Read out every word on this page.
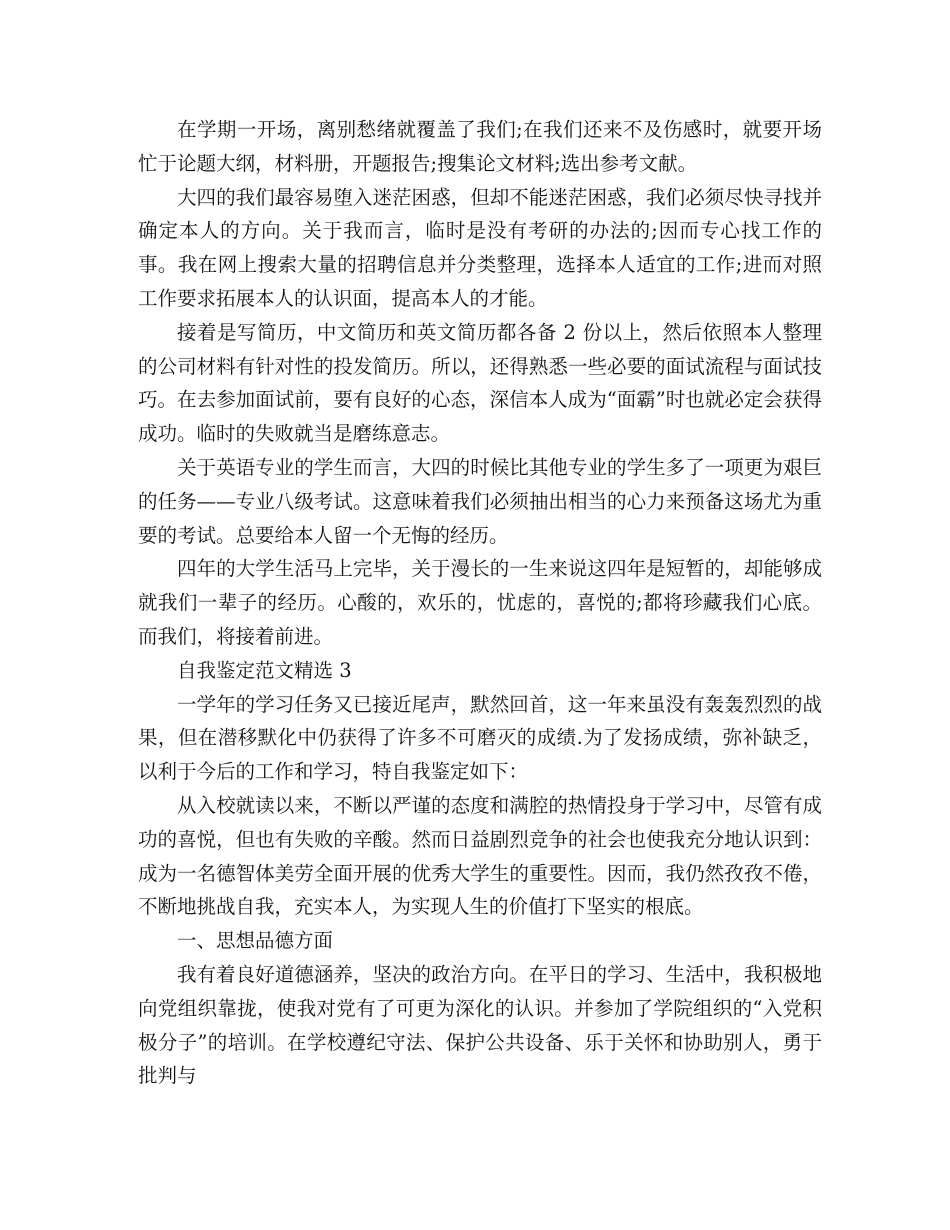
在学期一开场，离别愁绪就覆盖了我们;在我们还来不及伤感时，就要开场忙于论题大纲，材料册，开题报告;搜集论文材料;选出参考文献。

大四的我们最容易堕入迷茫困惑，但却不能迷茫困惑，我们必须尽快寻找并确定本人的方向。关于我而言，临时是没有考研的办法的;因而专心找工作的事。我在网上搜索大量的招聘信息并分类整理，选择本人适宜的工作;进而对照工作要求拓展本人的认识面，提高本人的才能。

接着是写简历，中文简历和英文简历都各备 2 份以上，然后依照本人整理的公司材料有针对性的投发简历。所以，还得熟悉一些必要的面试流程与面试技巧。在去参加面试前，要有良好的心态，深信本人成为“面霸”时也就必定会获得成功。临时的失败就当是磨练意志。

关于英语专业的学生而言，大四的时候比其他专业的学生多了一项更为艰巨的任务——专业八级考试。这意味着我们必须抽出相当的心力来预备这场尤为重要的考试。总要给本人留一个无悔的经历。

四年的大学生活马上完毕，关于漫长的一生来说这四年是短暂的，却能够成就我们一辈子的经历。心酸的，欢乐的，忧虑的，喜悦的;都将珍藏我们心底。而我们，将接着前进。

自我鉴定范文精选 3

一学年的学习任务又已接近尾声，默然回首，这一年来虽没有轰轰烈烈的战果，但在潜移默化中仍获得了许多不可磨灭的成绩.为了发扬成绩，弥补缺乏，以利于今后的工作和学习，特自我鉴定如下：

从入校就读以来，不断以严谨的态度和满腔的热情投身于学习中，尽管有成功的喜悦，但也有失败的辛酸。然而日益剧烈竞争的社会也使我充分地认识到：成为一名德智体美劳全面开展的优秀大学生的重要性。因而，我仍然孜孜不倦，不断地挑战自我，充实本人，为实现人生的价值打下坚实的根底。

一、思想品德方面

我有着良好道德涵养，坚决的政治方向。在平日的学习、生活中，我积极地向党组织靠拢，使我对党有了可更为深化的认识。并参加了学院组织的“入党积极分子”的培训。在学校遵纪守法、保护公共设备、乐于关怀和协助别人，勇于批判与
